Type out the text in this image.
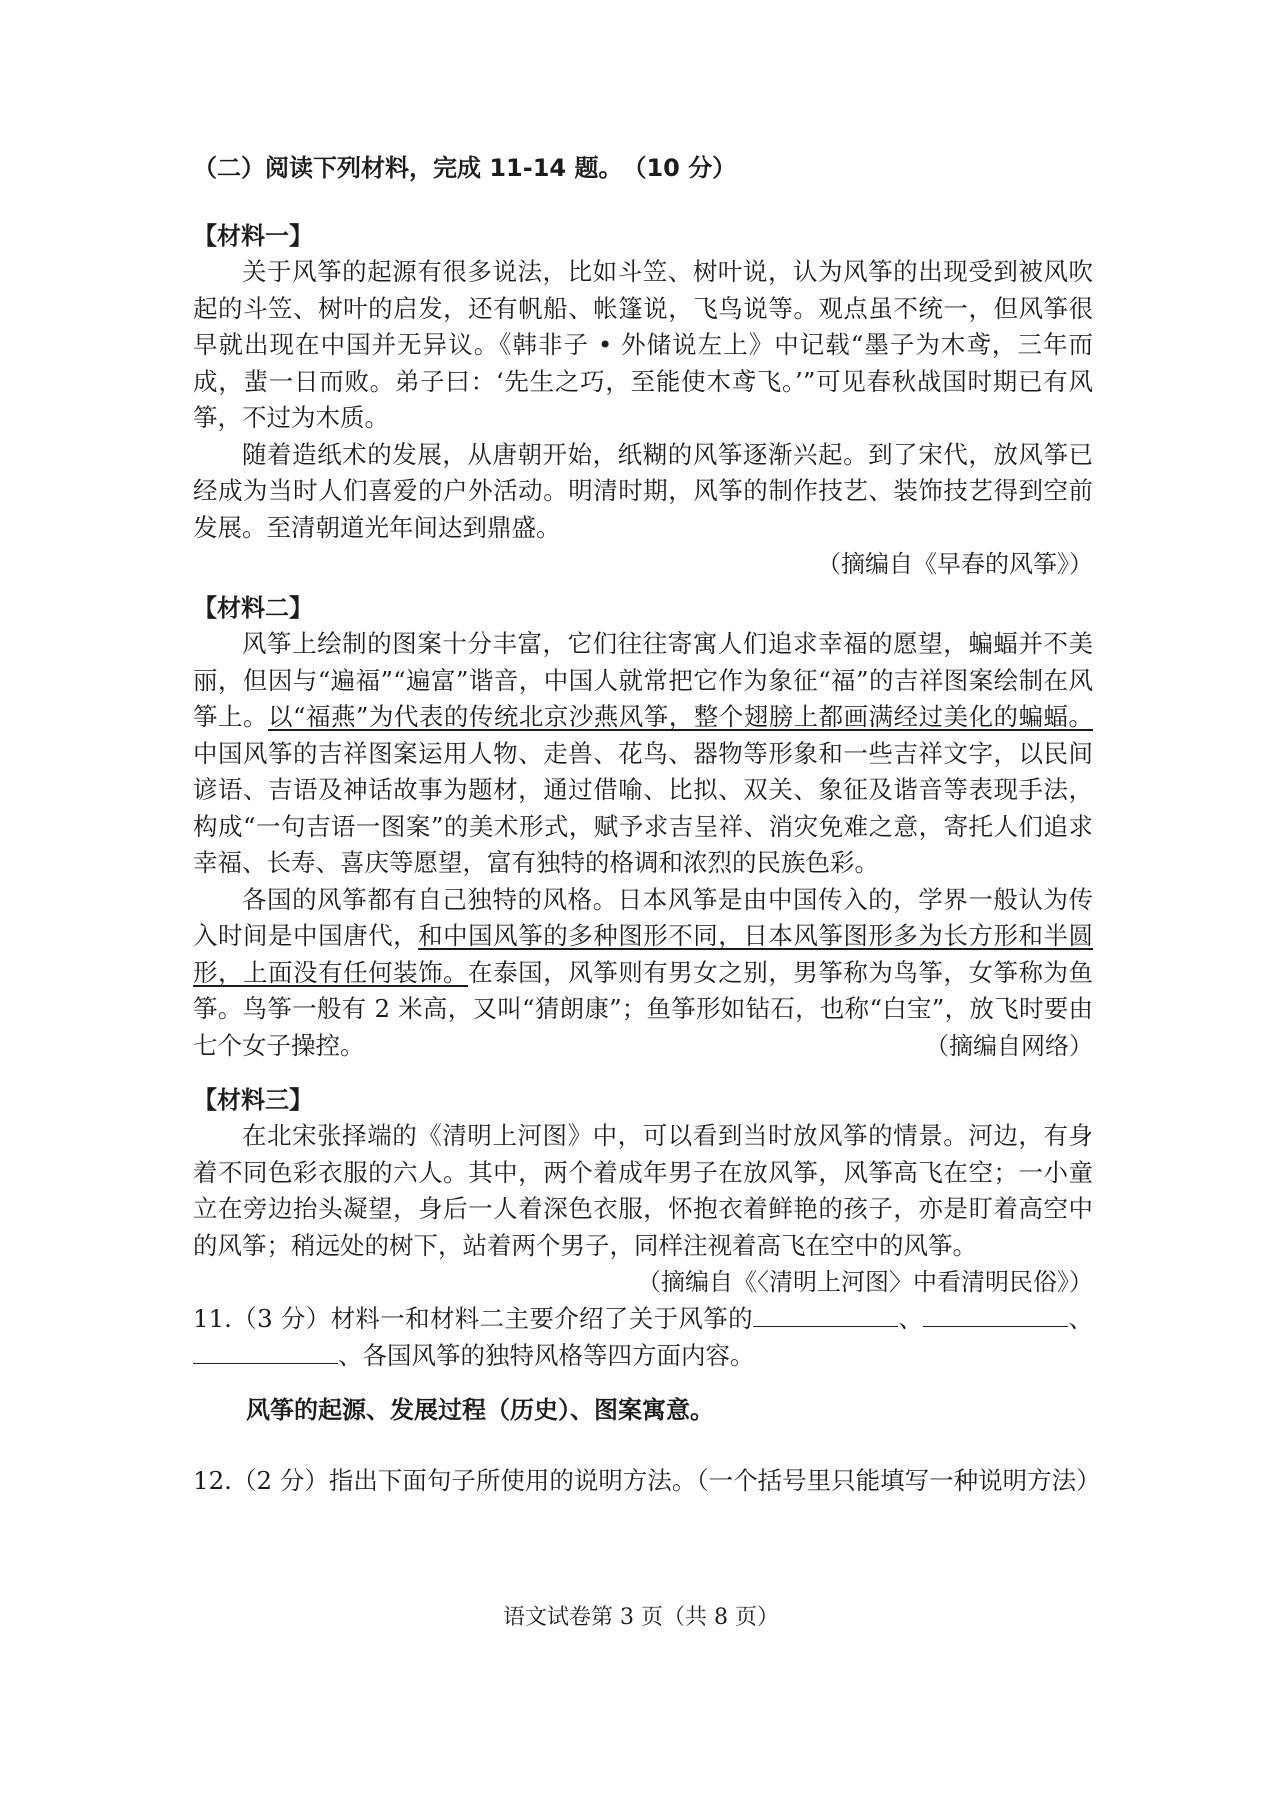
（二）阅读下列材料，完成 11-14 题。　（10 分）
【材料一】

关于风筝的起源有很多说法，比如斗笠、树叶说，认为风筝的出现受到被风吹起的斗笠、树叶的启发，还有帆船、帐篷说，飞鸟说等。观点虽不统一，但风筝很早就出现在中国并无异议。《韩非子 • 外储说左上》中记载“墨子为木鸢，三年而成，蜚一日而败。弟子曰：‘先生之巧，至能使木鸢飞。’”可见春秋战国时期已有风筝，不过为木质。

随着造纸术的发展，从唐朝开始，纸糊的风筝逐渐兴起。到了宋代，放风筝已经成为当时人们喜爱的户外活动。明清时期，风筝的制作技艺、装饰技艺得到空前发展。至清朝道光年间达到鼎盛。

（摘编自《早春的风筝》）
【材料二】

风筝上绘制的图案十分丰富，它们往往寄寓人们追求幸福的愿望，蝙蝠并不美丽，但因与“遍福”“遍富”谐音，中国人就常把它作为象征“福”的吉祥图案绘制在风筝上。以“福燕”为代表的传统北京沙燕风筝，整个翅膀上都画满经过美化的蝙蝠。中国风筝的吉祥图案运用人物、走兽、花鸟、器物等形象和一些吉祥文字，以民间谚语、吉语及神话故事为题材，通过借喻、比拟、双关、象征及谐音等表现手法，构成“一句吉语一图案”的美术形式，赋予求吉呈祥、消灾免难之意，寄托人们追求幸福、长寿、喜庆等愿望，富有独特的格调和浓烈的民族色彩。

各国的风筝都有自己独特的风格。日本风筝是由中国传入的，学界一般认为传入时间是中国唐代，和中国风筝的多种图形不同，日本风筝图形多为长方形和半圆形，上面没有任何装饰。在泰国，风筝则有男女之别，男筝称为鸟筝，女筝称为鱼筝。鸟筝一般有 2 米高，又叫“猜朗康”；鱼筝形如钻石，也称“白宝”，放飞时要由七个女子操控。	（摘编自网络）
【材料三】

在北宋张择端的《清明上河图》中，可以看到当时放风筝的情景。河边，有身着不同色彩衣服的六人。其中，两个着成年男子在放风筝，风筝高飞在空；一小童立在旁边抬头凝望，身后一人着深色衣服，怀抱衣着鲜艳的孩子，亦是盯着高空中的风筝；稍远处的树下，站着两个男子，同样注视着高飞在空中的风筝。

（摘编自《〈清明上河图〉中看清明民俗》）

11.（3 分）材料一和材料二主要介绍了关于风筝的	、	、、各国风筝的独特风格等四方面内容。

风筝的起源、发展过程（历史）、图案寓意。

12.（2 分）指出下面句子所使用的说明方法。（一个括号里只能填写一种说明方法）

语文试卷第 3 页（共 8 页）
